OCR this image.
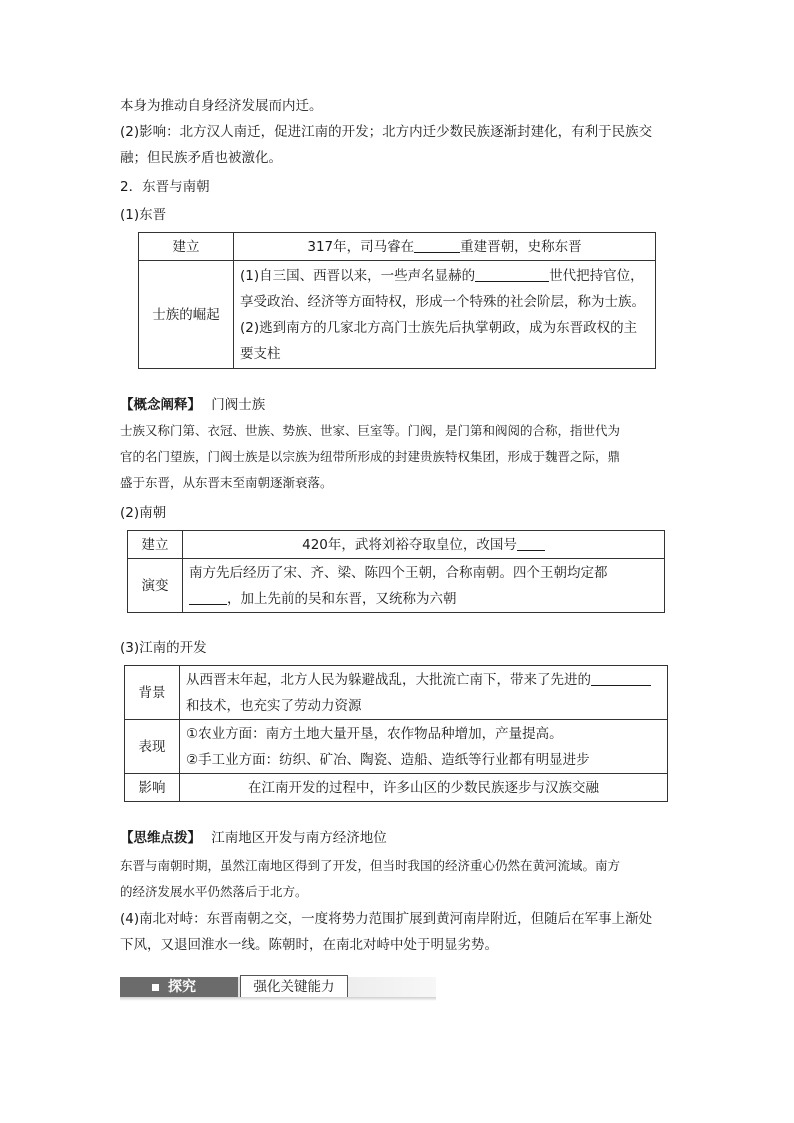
本身为推动自身经济发展而内迁。
(2)影响：北方汉人南迁，促进江南的开发；北方内迁少数民族逐渐封建化，有利于民族交
融；但民族矛盾也被激化。
2．东晋与南朝
(1)东晋
建立	317年，司马睿在 重建晋朝，史称东晋
士族的崛起	(1)自三国、西晋以来，一些声名显赫的 世代把持官位，
享受政治、经济等方面特权，形成一个特殊的社会阶层，称为士族。
(2)逃到南方的几家北方高门士族先后执掌朝政，成为东晋政权的主
要支柱
【概念阐释】 门阀士族
士族又称门第、衣冠、世族、势族、世家、巨室等。门阀，是门第和阀阅的合称，指世代为
官的名门望族，门阀士族是以宗族为纽带所形成的封建贵族特权集团，形成于魏晋之际，鼎
盛于东晋，从东晋末至南朝逐渐衰落。
(2)南朝
建立	420年，武将刘裕夺取皇位，改国号
演变	南方先后经历了宋、齐、梁、陈四个王朝，合称南朝。四个王朝均定都
，加上先前的吴和东晋，又统称为六朝
(3)江南的开发
背景	从西晋末年起，北方人民为躲避战乱，大批流亡南下，带来了先进的
和技术，也充实了劳动力资源

表现	①农业方面：南方土地大量开垦，农作物品种增加，产量提高。
②手工业方面：纺织、矿冶、陶瓷、造船、造纸等行业都有明显进步

影响	在江南开发的过程中，许多山区的少数民族逐步与汉族交融
【思维点拨】 江南地区开发与南方经济地位
东晋与南朝时期，虽然江南地区得到了开发，但当时我国的经济重心仍然在黄河流域。南方
的经济发展水平仍然落后于北方。
(4)南北对峙：东晋南朝之交，一度将势力范围扩展到黄河南岸附近，但随后在军事上渐处
下风，又退回淮水一线。陈朝时，在南北对峙中处于明显劣势。
探究	强化关键能力
